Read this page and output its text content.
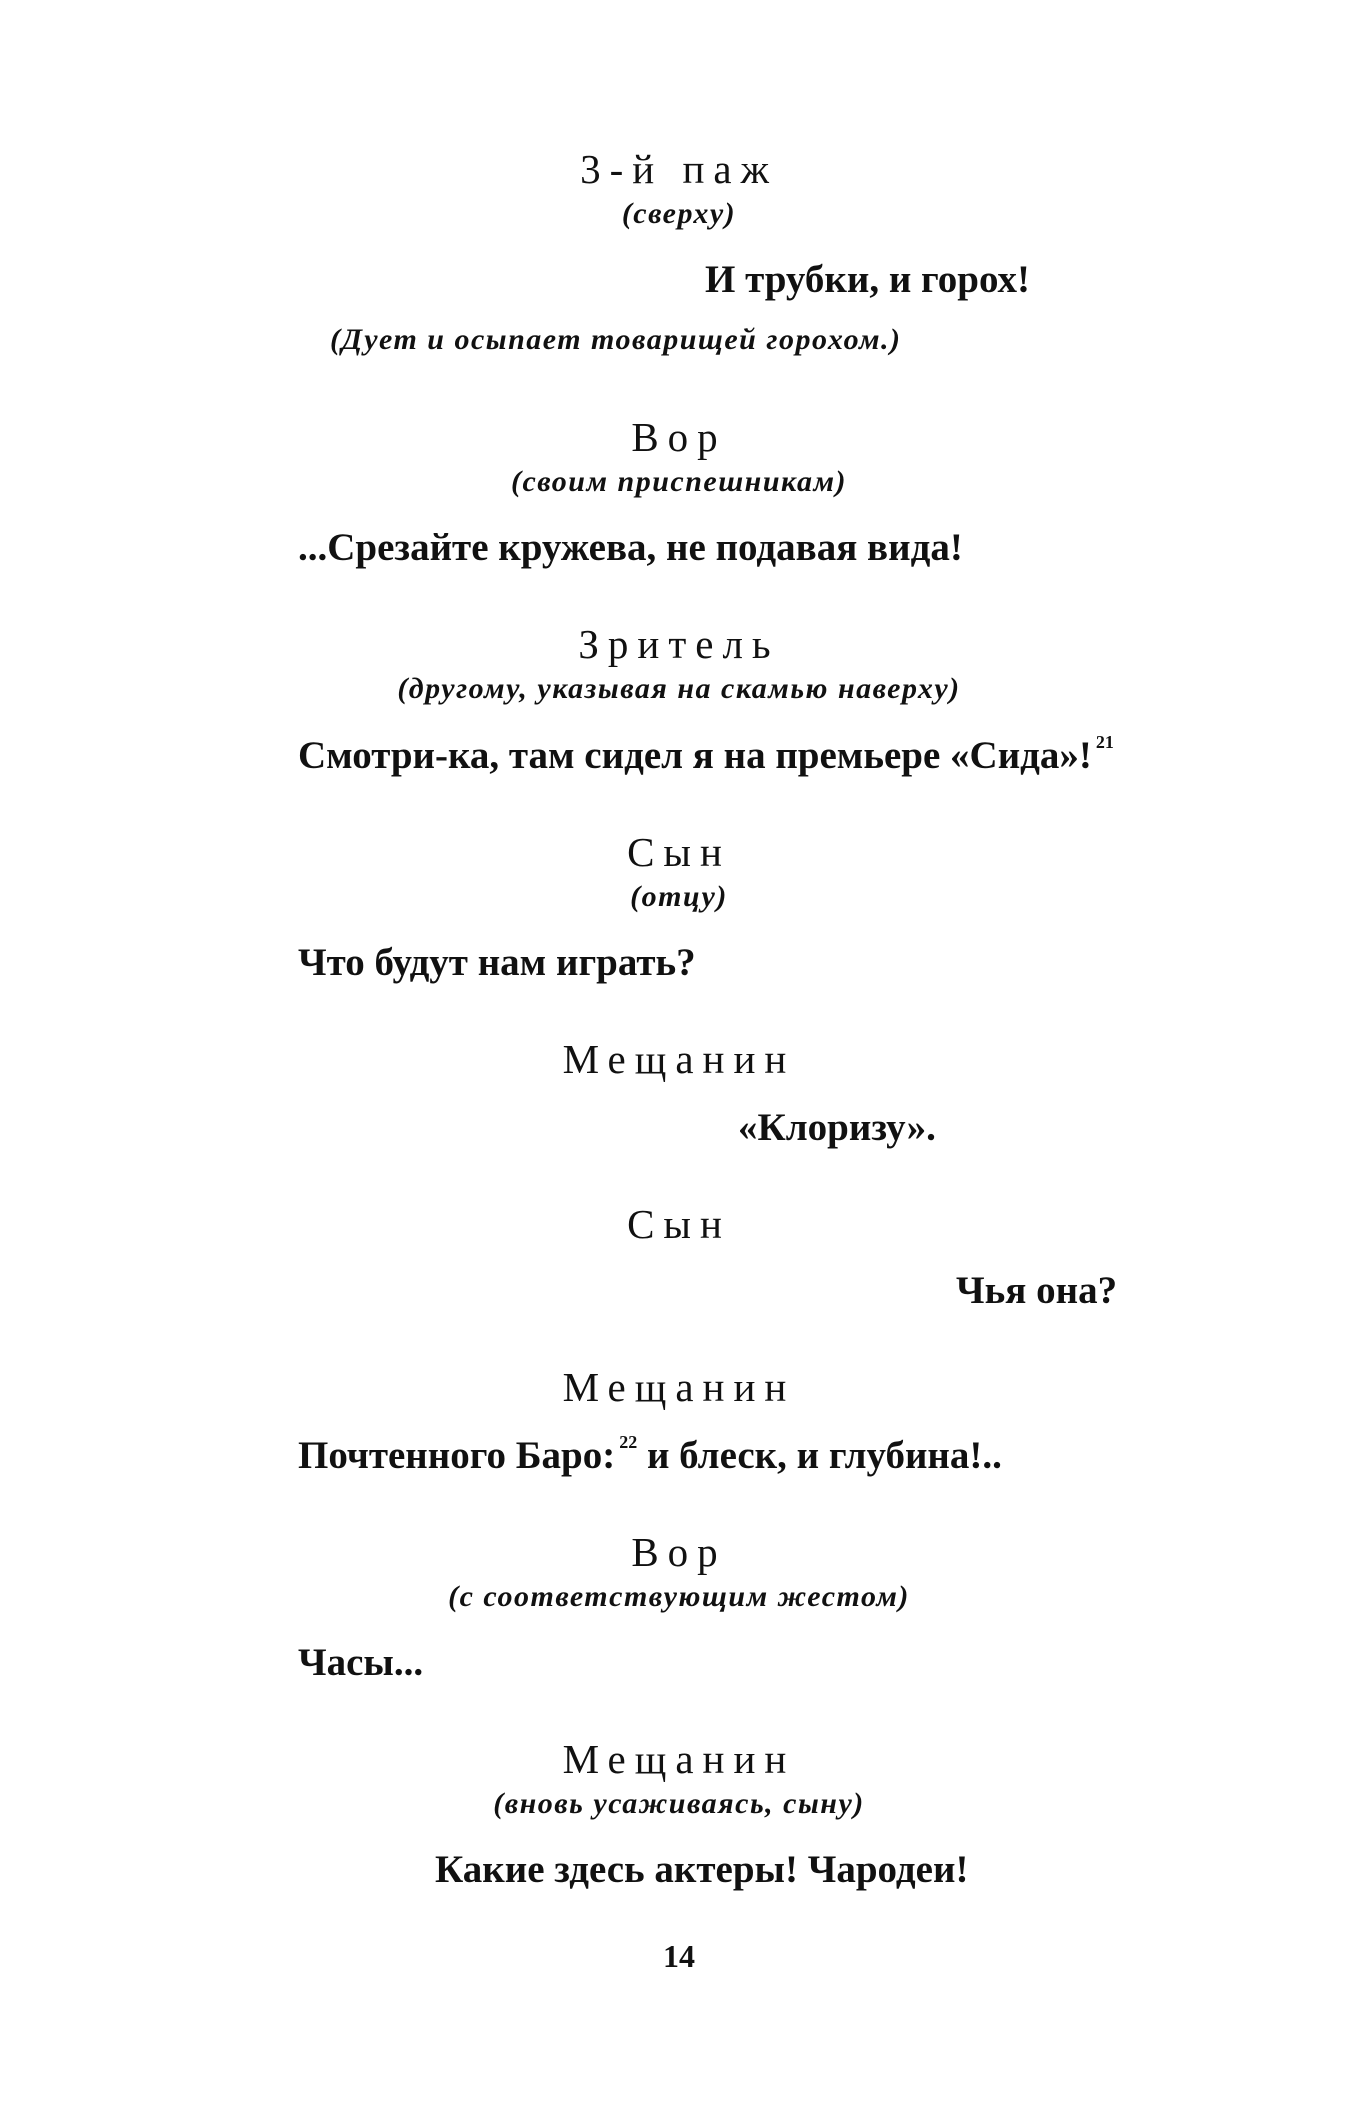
3-й паж
(сверху)
И трубки, и горох!
(Дует и осыпает товарищей горохом.)
Вор
(своим приспешникам)
...Срезайте кружева, не подавая вида!
Зритель
(другому, указывая на скамью наверху)
Смотри-ка, там сидел я на премьере «Сида»! $^{21}$
Сын
(отцу)
Что будут нам играть?
Мещанин
«Клоризу».
Сын
Чья она?
Мещанин
Почтенного Баро: $^{22}$ и блеск, и глубина!..
Вор
(с соответствующим жестом)
Часы...
Мещанин
(вновь усаживаясь, сыну)
Какие здесь актеры! Чародеи!
14
